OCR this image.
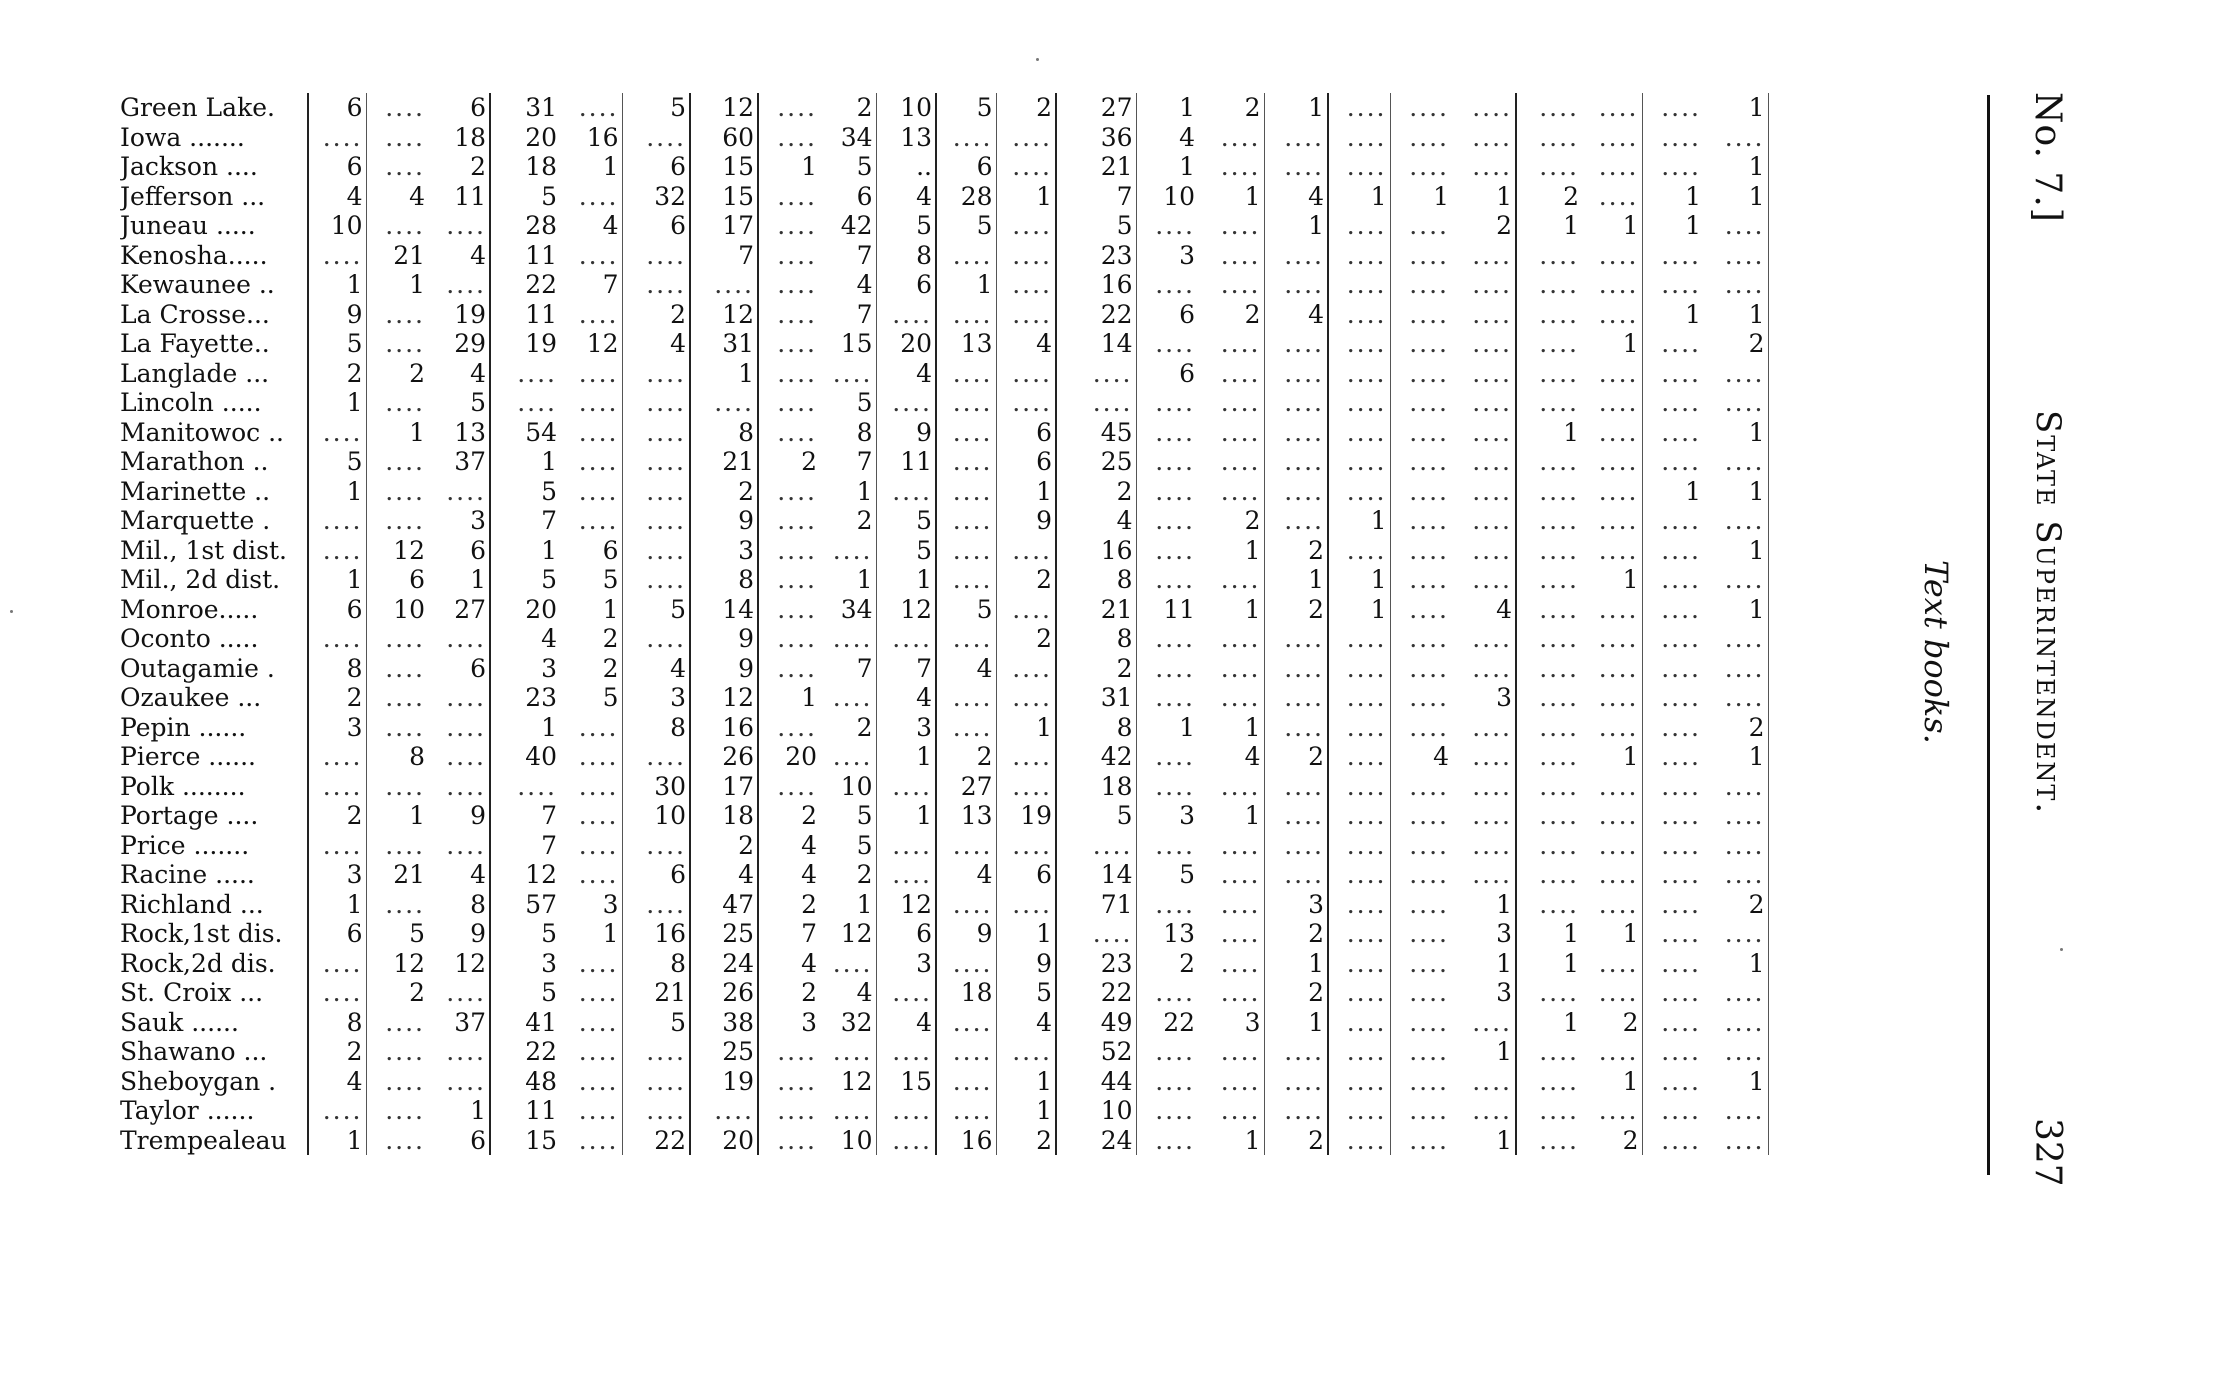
No. 7.]
State Superintendent.
327
Text books.
Green Lake.	6	....	6	31	....	5	12	....	2	10	5	2	27	1	2	1	....	....	....	....	....	....	1
Iowa .......	....	....	18	20	16	....	60	....	34	13	....	....	36	4	....	....	....	....	....	....	....	....	....
Jackson ....	6	....	2	18	1	6	15	1	5	..	6	....	21	1	....	....	....	....	....	....	....	....	1
Jefferson ...	4	4	11	5	....	32	15	....	6	4	28	1	7	10	1	4	1	1	1	2	....	1	1
Juneau .....	10	....	....	28	4	6	17	....	42	5	5	....	5	....	....	1	....	....	2	1	1	1	....
Kenosha.....	....	21	4	11	....	....	7	....	7	8	....	....	23	3	....	....	....	....	....	....	....	....	....
Kewaunee ..	1	1	....	22	7	....	....	....	4	6	1	....	16	....	....	....	....	....	....	....	....	....	....
La Crosse...	9	....	19	11	....	2	12	....	7	....	....	....	22	6	2	4	....	....	....	....	....	1	1
La Fayette..	5	....	29	19	12	4	31	....	15	20	13	4	14	....	....	....	....	....	....	....	1	....	2
Langlade ...	2	2	4	....	....	....	1	....	....	4	....	....	....	6	....	....	....	....	....	....	....	....	....
Lincoln .....	1	....	5	....	....	....	....	....	5	....	....	....	....	....	....	....	....	....	....	....	....	....	....
Manitowoc ..	....	1	13	54	....	....	8	....	8	9	....	6	45	....	....	....	....	....	....	1	....	....	1
Marathon ..	5	....	37	1	....	....	21	2	7	11	....	6	25	....	....	....	....	....	....	....	....	....	....
Marinette ..	1	....	....	5	....	....	2	....	1	....	....	1	2	....	....	....	....	....	....	....	....	1	1
Marquette .	....	....	3	7	....	....	9	....	2	5	....	9	4	....	2	....	1	....	....	....	....	....	....
Mil., 1st dist.	....	12	6	1	6	....	3	....	....	5	....	....	16	....	1	2	....	....	....	....	....	....	1
Mil., 2d dist.	1	6	1	5	5	....	8	....	1	1	....	2	8	....	....	1	1	....	....	....	1	....	....
Monroe.....	6	10	27	20	1	5	14	....	34	12	5	....	21	11	1	2	1	....	4	....	....	....	1
Oconto .....	....	....	....	4	2	....	9	....	....	....	....	2	8	....	....	....	....	....	....	....	....	....	....
Outagamie .	8	....	6	3	2	4	9	....	7	7	4	....	2	....	....	....	....	....	....	....	....	....	....
Ozaukee ...	2	....	....	23	5	3	12	1	....	4	....	....	31	....	....	....	....	....	3	....	....	....	....
Pepin ......	3	....	....	1	....	8	16	....	2	3	....	1	8	1	1	....	....	....	....	....	....	....	2
Pierce ......	....	8	....	40	....	....	26	20	....	1	2	....	42	....	4	2	....	4	....	....	1	....	1
Polk ........	....	....	....	....	....	30	17	....	10	....	27	....	18	....	....	....	....	....	....	....	....	....	....
Portage ....	2	1	9	7	....	10	18	2	5	1	13	19	5	3	1	....	....	....	....	....	....	....	....
Price .......	....	....	....	7	....	....	2	4	5	....	....	....	....	....	....	....	....	....	....	....	....	....	....
Racine .....	3	21	4	12	....	6	4	4	2	....	4	6	14	5	....	....	....	....	....	....	....	....	....
Richland ...	1	....	8	57	3	....	47	2	1	12	....	....	71	....	....	3	....	....	1	....	....	....	2
Rock,1st dis.	6	5	9	5	1	16	25	7	12	6	9	1	....	13	....	2	....	....	3	1	1	....	....
Rock,2d dis.	....	12	12	3	....	8	24	4	....	3	....	9	23	2	....	1	....	....	1	1	....	....	1
St. Croix ...	....	2	....	5	....	21	26	2	4	....	18	5	22	....	....	2	....	....	3	....	....	....	....
Sauk ......	8	....	37	41	....	5	38	3	32	4	....	4	49	22	3	1	....	....	....	1	2	....	....
Shawano ...	2	....	....	22	....	....	25	....	....	....	....	....	52	....	....	....	....	....	1	....	....	....	....
Sheboygan .	4	....	....	48	....	....	19	....	12	15	....	1	44	....	....	....	....	....	....	....	1	....	1
Taylor ......	....	....	1	11	....	....	....	....	....	....	....	1	10	....	....	....	....	....	....	....	....	....	....
Trempealeau	1	....	6	15	....	22	20	....	10	....	16	2	24	....	1	2	....	....	1	....	2	....	....
